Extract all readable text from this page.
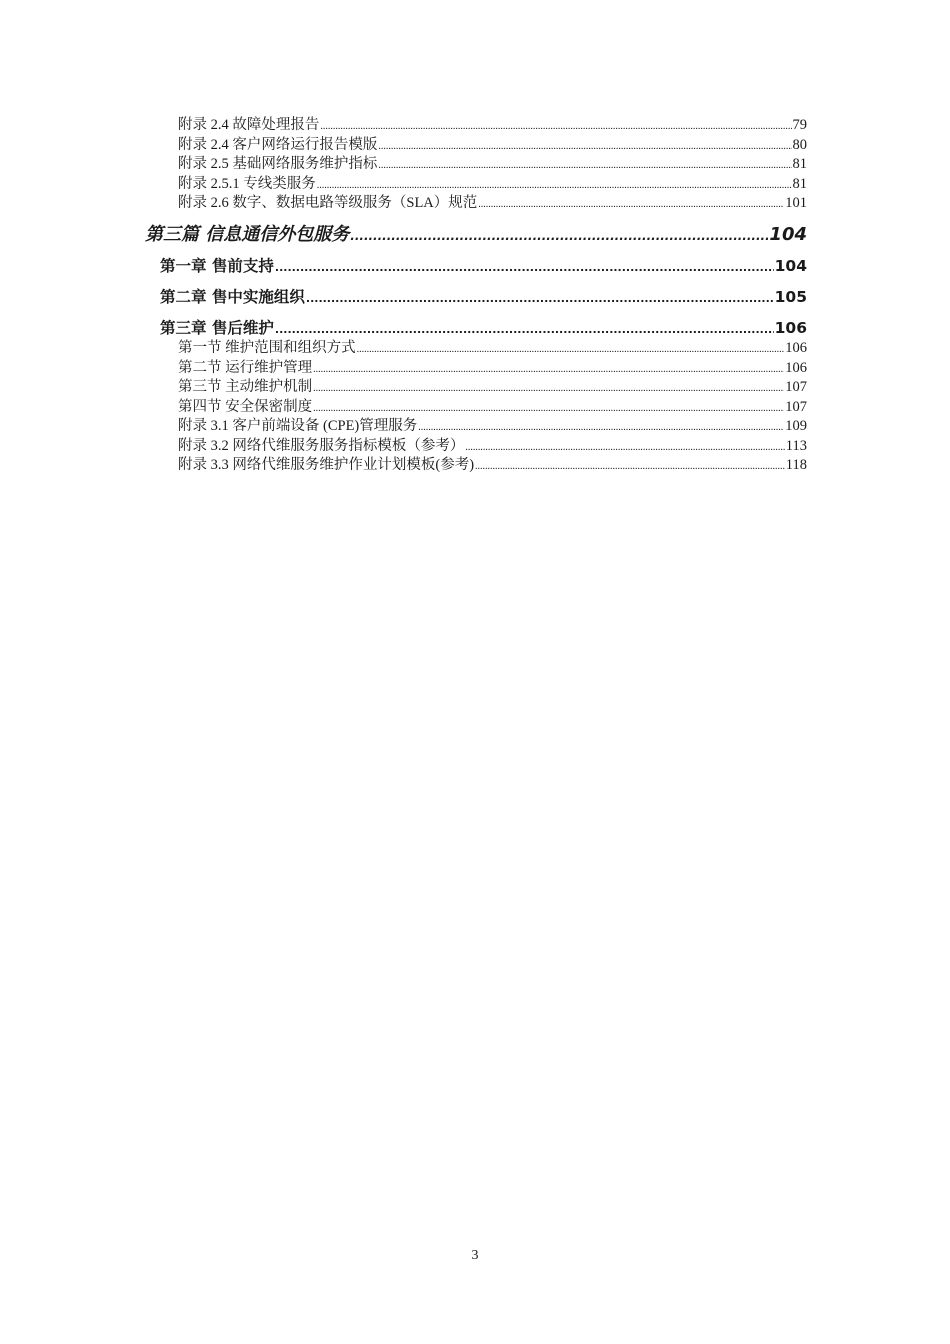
附录 2.4 故障处理报告 .....	79
附录 2.4 客户网络运行报告模版 .....	80
附录 2.5 基础网络服务维护指标 .....	81
附录 2.5.1 专线类服务 .....	81
附录 2.6 数字、数据电路等级服务（SLA）规范 .....	101
第三篇 信息通信外包服务 .....	104
第一章 售前支持 .....	104
第二章 售中实施组织 .....	105
第三章 售后维护 .....	106
第一节 维护范围和组织方式 .....	106
第二节 运行维护管理 .....	106
第三节 主动维护机制 .....	107
第四节 安全保密制度 .....	107
附录 3.1 客户前端设备 (CPE)管理服务 .....	109
附录 3.2 网络代维服务服务指标模板（参考） .....	113
附录 3.3 网络代维服务维护作业计划模板(参考) .....	118
3
